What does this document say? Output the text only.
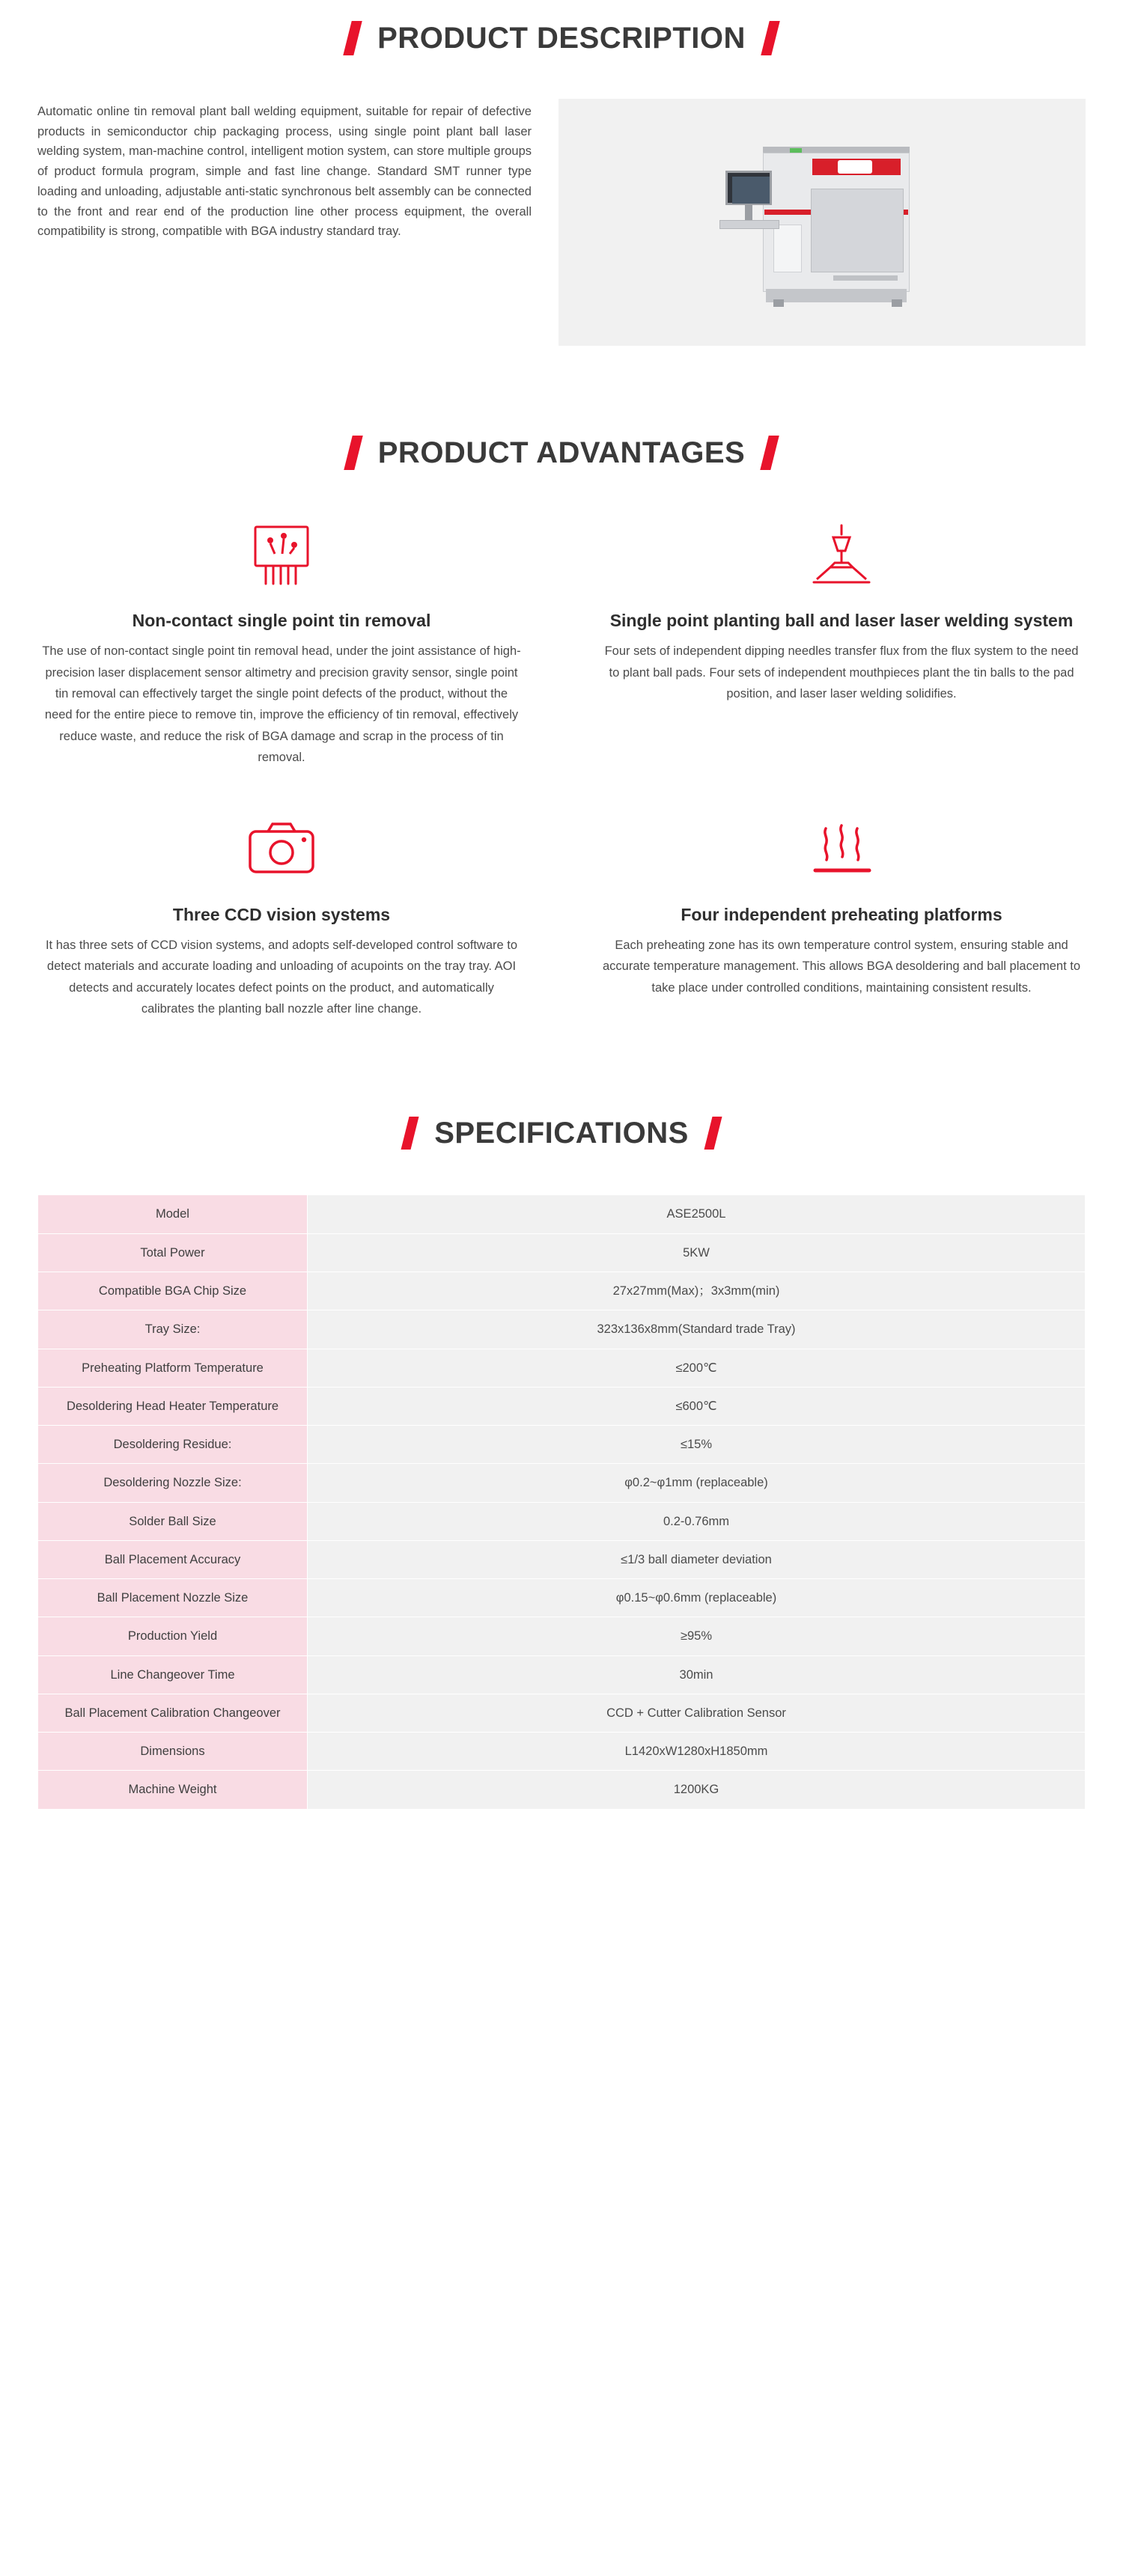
PRODUCT DESCRIPTION
Automatic online tin removal plant ball welding equipment, suitable for repair of defective products in semiconductor chip packaging process, using single point plant ball laser welding system, man-machine control, intelligent motion system, can store multiple groups of product formula program, simple and fast line change. Standard SMT runner type loading and unloading, adjustable anti-static synchronous belt assembly can be connected to the front and rear end of the production line other process equipment, the overall compatibility is strong, compatible with BGA industry standard tray.
PRODUCT ADVANTAGES

Non-contact single point tin removal

The use of non-contact single point tin removal head, under the joint assistance of high-precision laser displacement sensor altimetry and precision gravity sensor, single point tin removal can effectively target the single point defects of the product, without the need for the entire piece to remove tin, improve the efficiency of tin removal, effectively reduce waste, and reduce the risk of BGA damage and scrap in the process of tin removal.

Single point planting ball and laser laser welding system

Four sets of independent dipping needles transfer flux from the flux system to the need to plant ball pads. Four sets of independent mouthpieces plant the tin balls to the pad position, and laser laser welding solidifies.

Three CCD vision systems

It has three sets of CCD vision systems, and adopts self-developed control software to detect materials and accurate loading and unloading of acupoints on the tray tray. AOI detects and accurately locates defect points on the product, and automatically calibrates the planting ball nozzle after line change.

Four independent preheating platforms

Each preheating zone has its own temperature control system, ensuring stable and accurate temperature management. This allows BGA desoldering and ball placement to take place under controlled conditions, maintaining consistent results.

SPECIFICATIONS
Model	ASE2500L
Total Power	5KW
Compatible BGA Chip Size	27x27mm(Max)；3x3mm(min)
Tray Size:	323x136x8mm(Standard trade Tray)
Preheating Platform Temperature	≤200℃
Desoldering Head Heater Temperature	≤600℃
Desoldering Residue:	≤15%
Desoldering Nozzle Size:	φ0.2~φ1mm (replaceable)
Solder Ball Size	0.2-0.76mm
Ball Placement Accuracy	≤1/3 ball diameter deviation
Ball Placement Nozzle Size	φ0.15~φ0.6mm (replaceable)
Production Yield	≥95%
Line Changeover Time	30min
Ball Placement Calibration Changeover	CCD + Cutter Calibration Sensor
Dimensions	L1420xW1280xH1850mm
Machine Weight	1200KG
